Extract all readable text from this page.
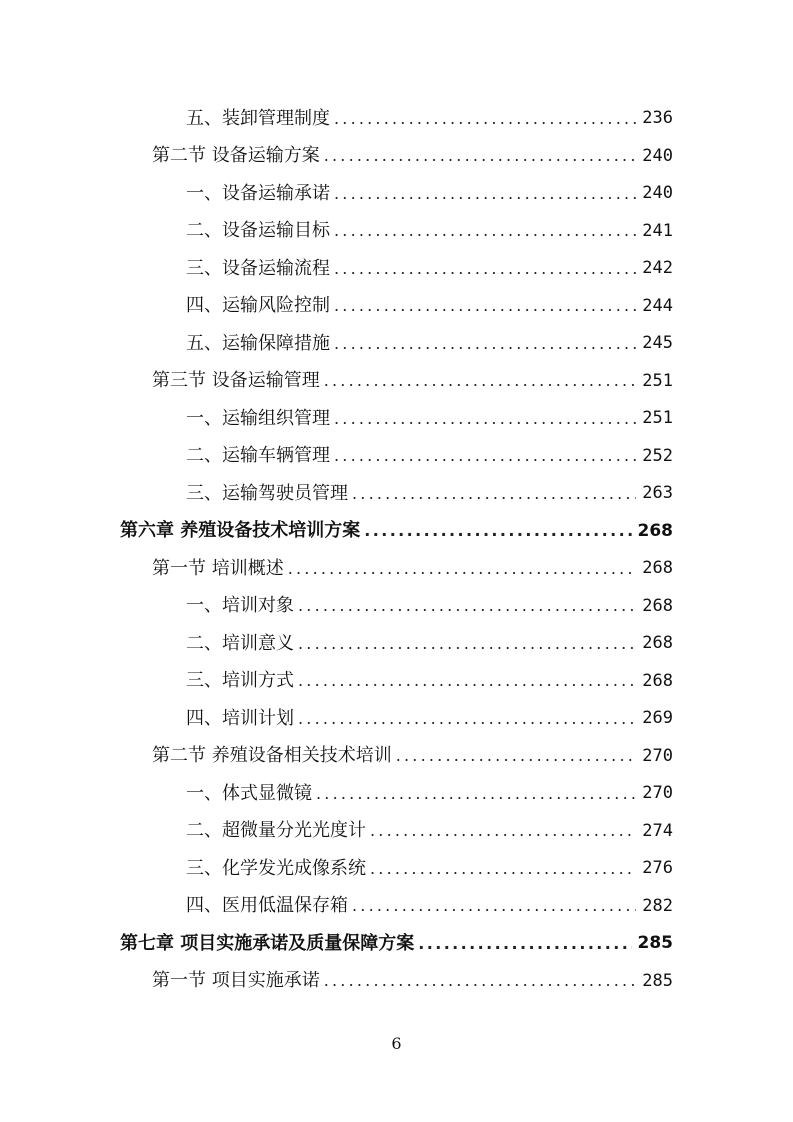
五、装卸管理制度 .....	236
第二节 设备运输方案 .....	240
一、设备运输承诺 .....	240
二、设备运输目标 .....	241
三、设备运输流程 .....	242
四、运输风险控制 .....	244
五、运输保障措施 .....	245
第三节 设备运输管理 .....	251
一、运输组织管理 .....	251
二、运输车辆管理 .....	252
三、运输驾驶员管理 .....	263
第六章 养殖设备技术培训方案 .....	268
第一节 培训概述 .....	268
一、培训对象 .....	268
二、培训意义 .....	268
三、培训方式 .....	268
四、培训计划 .....	269
第二节 养殖设备相关技术培训 .....	270
一、体式显微镜 .....	270
二、超微量分光光度计 .....	274
三、化学发光成像系统 .....	276
四、医用低温保存箱 .....	282
第七章 项目实施承诺及质量保障方案 .....	285
第一节 项目实施承诺 .....	285
6
